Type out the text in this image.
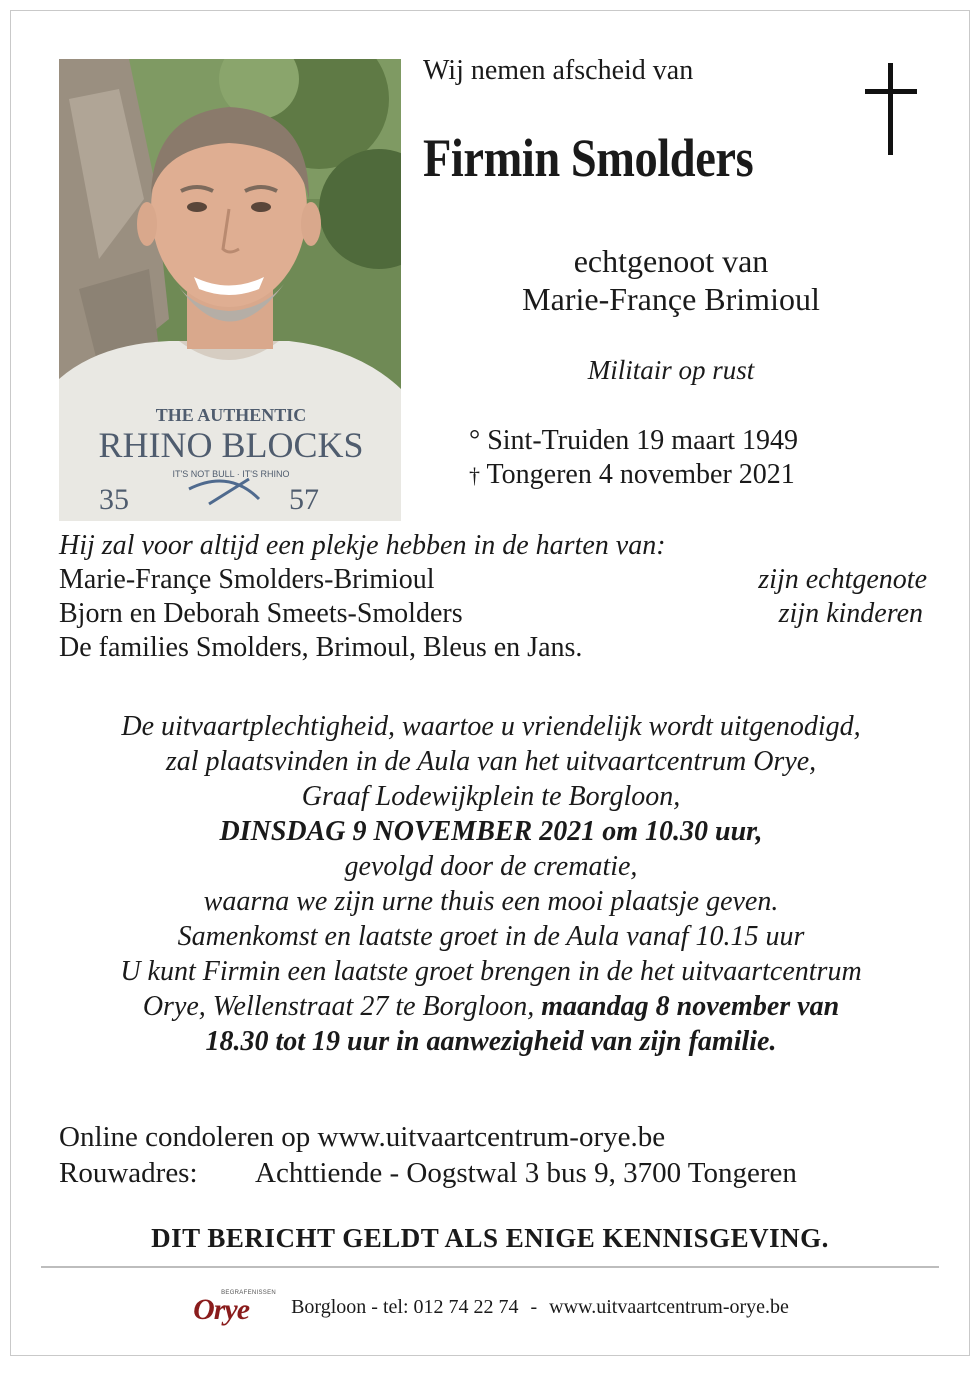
THE AUTHENTIC
RHINO BLOCKS
IT'S NOT BULL · IT'S RHINO
35	57
Wij nemen afscheid van
Firmin Smolders
echtgenoot van
Marie-Françe Brimioul
Militair op rust
° Sint-Truiden 19 maart 1949
† Tongeren 4 november 2021
Hij zal voor altijd een plekje hebben in de harten van:
Marie-Françe Smolders-Brimioul	zijn echtgenote
Bjorn en Deborah Smeets-Smolders	zijn kinderen
De families Smolders, Brimoul, Bleus en Jans.
De uitvaartplechtigheid, waartoe u vriendelijk wordt uitgenodigd,
zal plaatsvinden in de Aula van het uitvaartcentrum Orye,
Graaf Lodewijkplein te Borgloon,
DINSDAG 9 NOVEMBER 2021 om 10.30 uur,
gevolgd door de crematie,
waarna we zijn urne thuis een mooi plaatsje geven.
Samenkomst en laatste groet in de Aula vanaf 10.15 uur
U kunt Firmin een laatste groet brengen in de het uitvaartcentrum
Orye, Wellenstraat 27 te Borgloon, maandag 8 november van
18.30 tot 19 uur in aanwezigheid van zijn familie.
Online condoleren op www.uitvaartcentrum-orye.be
Rouwadres: Achttiende - Oogstwal 3 bus 9, 3700 Tongeren
DIT BERICHT GELDT ALS ENIGE KENNISGEVING.
Orye
BEGRAFENISSEN
Borgloon - tel: 012 74 22 74 - www.uitvaartcentrum-orye.be
